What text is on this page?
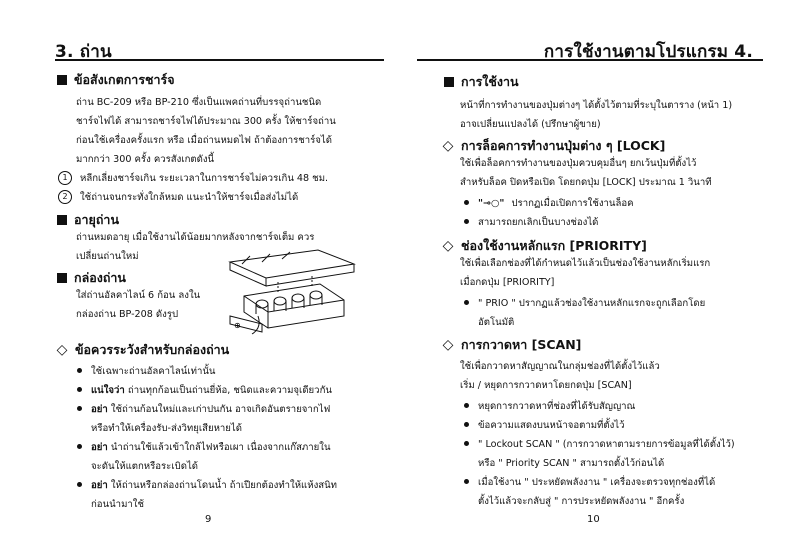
3. ถ่าน
ข้อสังเกตการชาร์จ
ถ่าน BC-209 หรือ BP-210 ซึ่งเป็นแพคถ่านที่บรรจุถ่านชนิด
ชาร์จไฟได้ สามารถชาร์จไฟได้ประมาณ 300 ครั้ง ให้ชาร์จถ่าน
ก่อนใช้เครื่องครั้งแรก หรือ เมื่อถ่านหมดไฟ ถ้าต้องการชาร์จได้
มากกว่า 300 ครั้ง ควรสังเกตดังนี้
1 หลีกเลี่ยงชาร์จเกิน ระยะเวลาในการชาร์จไม่ควรเกิน 48 ชม.
2 ใช้ถ่านจนกระทั่งใกล้หมด แนะนำให้ชาร์จเมื่อส่งไม่ได้
อายุถ่าน
ถ่านหมดอายุ เมื่อใช้งานได้น้อยมากหลังจากชาร์จเต็ม ควร
เปลี่ยนถ่านใหม่
กล่องถ่าน
ใส่ถ่านอัลคาไลน์ 6 ก้อน ลงใน
กล่องถ่าน BP-208 ดังรูป
⊕
◇ ข้อควรระวังสำหรับกล่องถ่าน
ใช้เฉพาะถ่านอัลคาไลน์เท่านั้น
แน่ใจว่า ถ่านทุกก้อนเป็นถ่านยี่ห้อ, ชนิดและความจุเดียวกัน
อย่า ใช้ถ่านก้อนใหม่และเก่าปนกัน อาจเกิดอันตรายจากไฟ
หรือทำให้เครื่องรับ-ส่งวิทยุเสียหายได้
อย่า นำถ่านใช้แล้วเข้าใกล้ไฟหรือเผา เนื่องจากแก๊สภายใน
จะดันให้แตกหรือระเบิดได้
อย่า ให้ถ่านหรือกล่องถ่านโดนน้ำ ถ้าเปียกต้องทำให้แห้งสนิท
ก่อนนำมาใช้
9
การใช้งานตามโปรแกรม 4.
การใช้งาน
หน้าที่การทำงานของปุ่มต่างๆ ได้ตั้งไว้ตามที่ระบุในตาราง (หน้า 1)
อาจเปลี่ยนแปลงได้ (ปรึกษาผู้ขาย)
◇ การล็อคการทำงานปุ่มต่าง ๆ [LOCK]
ใช้เพื่อล็อคการทำงานของปุ่มควบคุมอื่นๆ ยกเว้นปุ่มที่ตั้งไว้
สำหรับล็อค ปิดหรือเปิด โดยกดปุ่ม [LOCK] ประมาณ 1 วินาที
"⊸○" ปรากฏเมื่อเปิดการใช้งานล็อค
สามารถยกเลิกเป็นบางช่องได้
◇ ช่องใช้งานหลักแรก [PRIORITY]
ใช้เพื่อเลือกช่องที่ได้กำหนดไว้แล้วเป็นช่องใช้งานหลักเริ่มแรก
เมื่อกดปุ่ม [PRIORITY]
" PRIO " ปรากฏแล้วช่องใช้งานหลักแรกจะถูกเลือกโดย
อัตโนมัติ
◇ การกวาดหา [SCAN]
ใช้เพื่อกวาดหาสัญญาณในกลุ่มช่องที่ได้ตั้งไว้แล้ว
เริ่ม / หยุดการกวาดหาโดยกดปุ่ม [SCAN]
หยุดการกวาดหาที่ช่องที่ได้รับสัญญาณ
ข้อความแสดงบนหน้าจอตามที่ตั้งไว้
" Lockout SCAN " (การกวาดหาตามรายการข้อมูลที่ได้ตั้งไว้)
หรือ " Priority SCAN " สามารถตั้งไว้ก่อนได้
เมื่อใช้งาน " ประหยัดพลังงาน " เครื่องจะตรวจทุกช่องที่ได้
ตั้งไว้แล้วจะกลับสู่ " การประหยัดพลังงาน " อีกครั้ง
10
